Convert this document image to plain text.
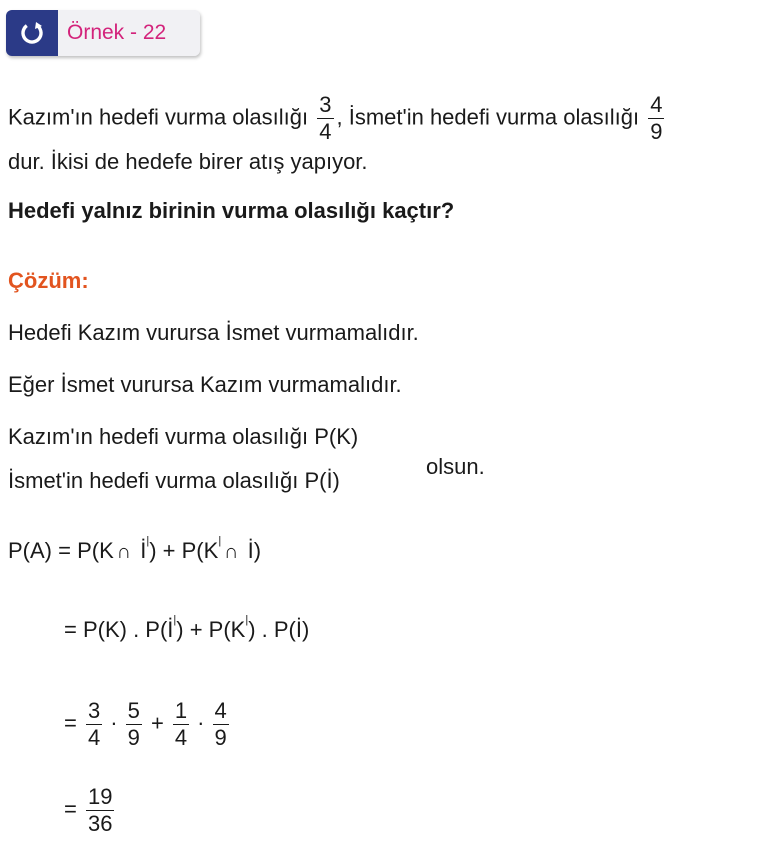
Örnek - 22
Kazım'ın hedefi vurma olasılığı $\frac{3}{4}$ , İsmet'in hedefi vurma olasılığı $\frac{4}{9}$
dur. İkisi de hedefe birer atış yapıyor.
Hedefi yalnız birinin vurma olasılığı kaçtır?
Çözüm:
Hedefi Kazım vurursa İsmet vurmamalıdır.
Eğer İsmet vurursa Kazım vurmamalıdır.
Kazım'ın hedefi vurma olasılığı P(K)
İsmet'in hedefi vurma olasılığı P(İ)
olsun.
P(A) = P(K ∩ İ|) + P(K| ∩ İ)
= P(K) . P(İ|) + P(K|) . P(İ)
= $\frac{3}{4} \cdot \frac{5}{9} + \frac{1}{4} \cdot \frac{4}{9}$
= $\frac{19}{36}$
